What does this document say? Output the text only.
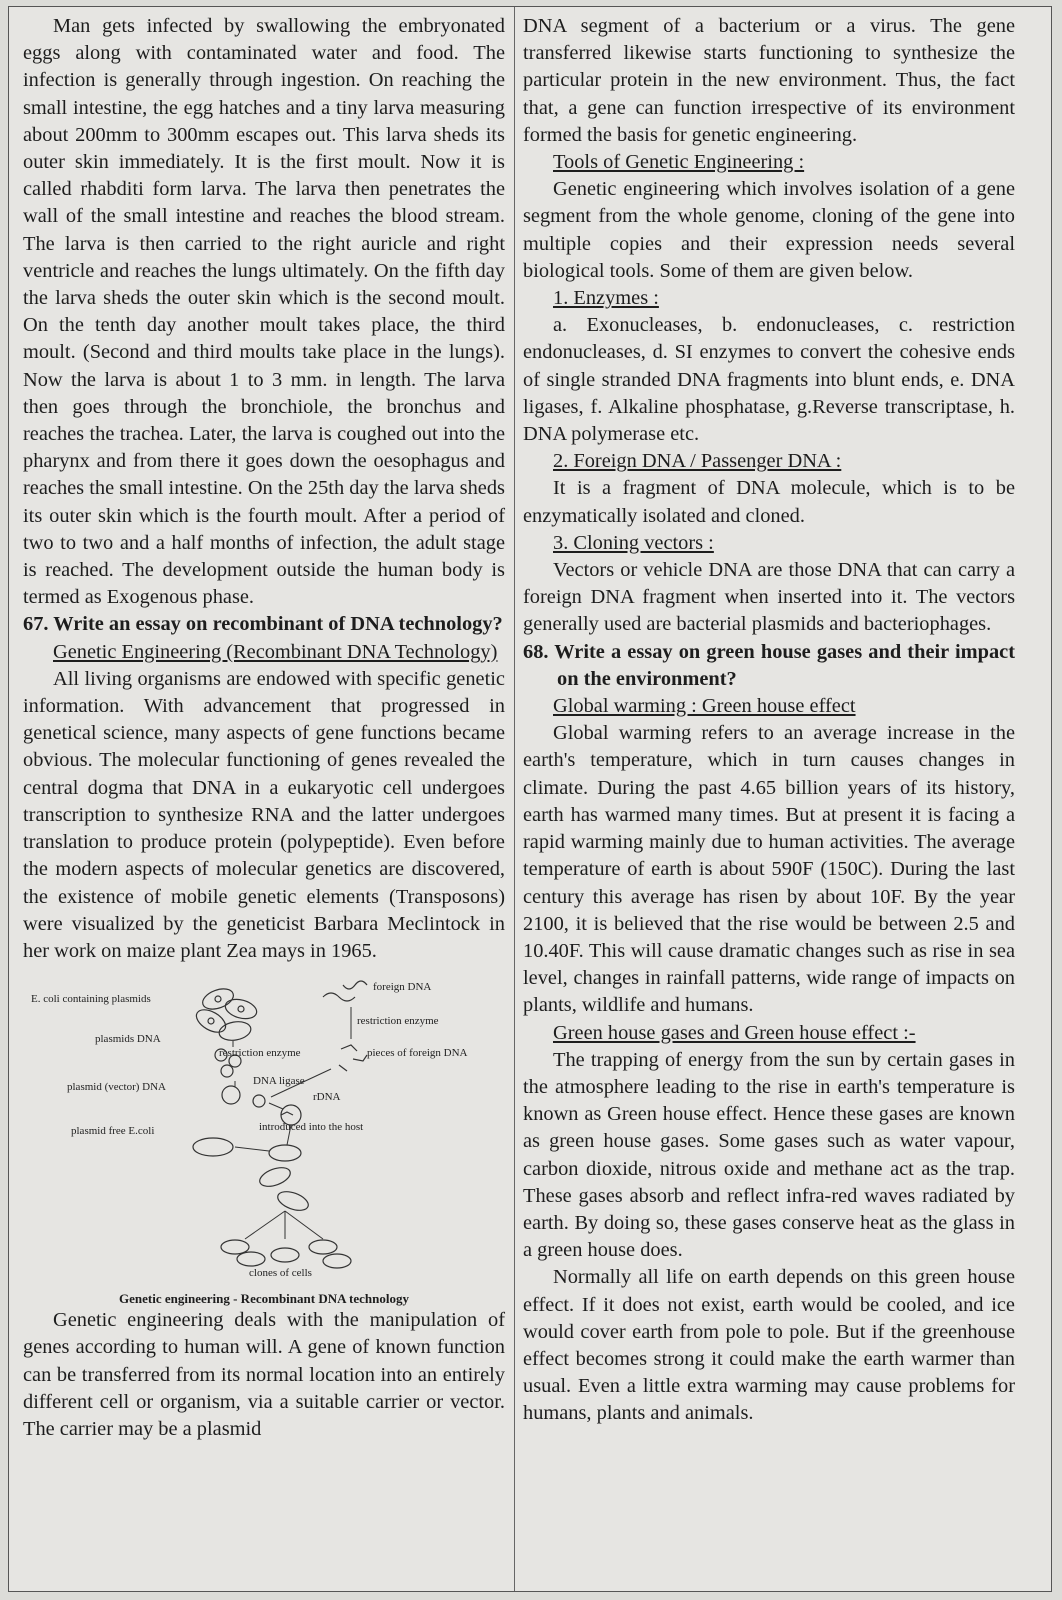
Man gets infected by swallowing the embryonated eggs along with contaminated water and food. The infection is generally through ingestion. On reaching the small intestine, the egg hatches and a tiny larva measuring about 200mm to 300mm escapes out. This larva sheds its outer skin immediately. It is the first moult. Now it is called rhabditi form larva. The larva then penetrates the wall of the small intestine and reaches the blood stream. The larva is then carried to the right auricle and right ventricle and reaches the lungs ultimately. On the fifth day the larva sheds the outer skin which is the second moult. On the tenth day another moult takes place, the third moult. (Second and third moults take place in the lungs). Now the larva is about 1 to 3 mm. in length. The larva then goes through the bronchiole, the bronchus and reaches the trachea. Later, the larva is coughed out into the pharynx and from there it goes down the oesophagus and reaches the small intestine. On the 25th day the larva sheds its outer skin which is the fourth moult. After a period of two to two and a half months of infection, the adult stage is reached. The development outside the human body is termed as Exogenous phase.

67. Write an essay on recombinant of DNA technology?

Genetic Engineering (Recombinant DNA Technology)

All living organisms are endowed with specific genetic information. With advancement that progressed in genetical science, many aspects of gene functions became obvious. The molecular functioning of genes revealed the central dogma that DNA in a eukaryotic cell undergoes transcription to synthesize RNA and the latter undergoes translation to produce protein (polypeptide). Even before the modern aspects of molecular genetics are discovered, the existence of mobile genetic elements (Transposons) were visualized by the geneticist Barbara Meclintock in her work on maize plant Zea mays in 1965.

E. coli containing plasmids
foreign DNA
restriction enzyme
plasmids DNA
restriction enzyme	pieces of foreign DNA
plasmid (vector) DNA	DNA ligase
rDNA
plasmid free E.coli	introduced into the host
clones of cells
Genetic engineering - Recombinant DNA technology

Genetic engineering deals with the manipulation of genes according to human will. A gene of known function can be transferred from its normal location into an entirely different cell or organism, via a suitable carrier or vector. The carrier may be a plasmid

DNA segment of a bacterium or a virus. The gene transferred likewise starts functioning to synthesize the particular protein in the new environment. Thus, the fact that, a gene can function irrespective of its environment formed the basis for genetic engineering.

Tools of Genetic Engineering :

Genetic engineering which involves isolation of a gene segment from the whole genome, cloning of the gene into multiple copies and their expression needs several biological tools. Some of them are given below.

1. Enzymes :

a. Exonucleases, b. endonucleases, c. restriction endonucleases, d. SI enzymes to convert the cohesive ends of single stranded DNA fragments into blunt ends, e. DNA ligases, f. Alkaline phosphatase, g.Reverse transcriptase, h. DNA polymerase etc.

2. Foreign DNA / Passenger DNA :

It is a fragment of DNA molecule, which is to be enzymatically isolated and cloned.

3. Cloning vectors :

Vectors or vehicle DNA are those DNA that can carry a foreign DNA fragment when inserted into it. The vectors generally used are bacterial plasmids and bacteriophages.

68. Write a essay on green house gases and their impact on the environment?

Global warming : Green house effect

Global warming refers to an average increase in the earth's temperature, which in turn causes changes in climate. During the past 4.65 billion years of its history, earth has warmed many times. But at present it is facing a rapid warming mainly due to human activities. The average temperature of earth is about 590F (150C). During the last century this average has risen by about 10F. By the year 2100, it is believed that the rise would be between 2.5 and 10.40F. This will cause dramatic changes such as rise in sea level, changes in rainfall patterns, wide range of impacts on plants, wildlife and humans.

Green house gases and Green house effect :-

The trapping of energy from the sun by certain gases in the atmosphere leading to the rise in earth's temperature is known as Green house effect. Hence these gases are known as green house gases. Some gases such as water vapour, carbon dioxide, nitrous oxide and methane act as the trap. These gases absorb and reflect infra-red waves radiated by earth. By doing so, these gases conserve heat as the glass in a green house does.

Normally all life on earth depends on this green house effect. If it does not exist, earth would be cooled, and ice would cover earth from pole to pole. But if the greenhouse effect becomes strong it could make the earth warmer than usual. Even a little extra warming may cause problems for humans, plants and animals.
